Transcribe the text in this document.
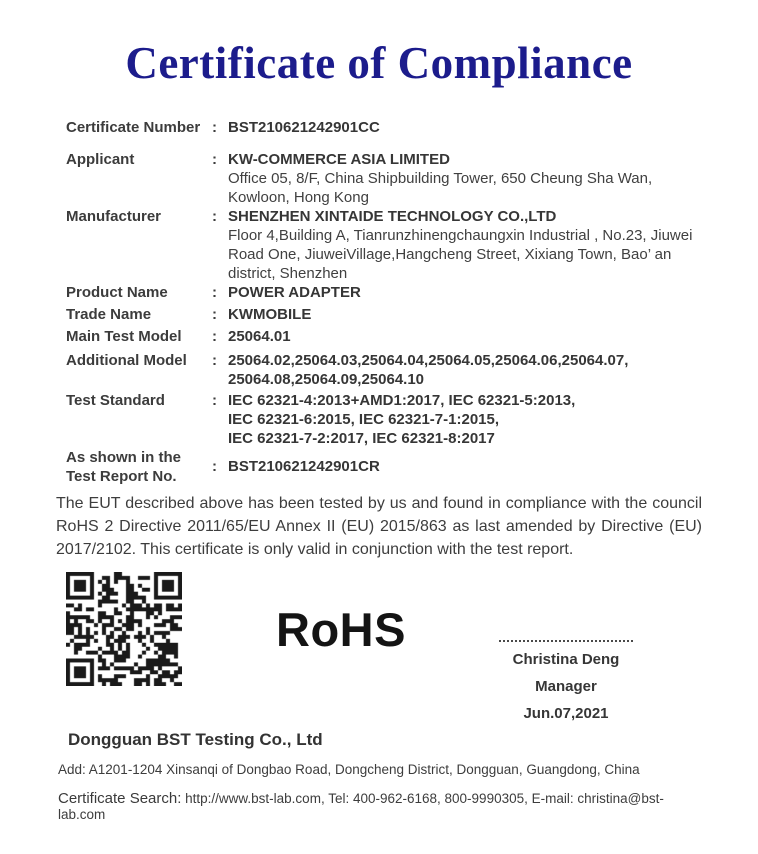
Certificate of Compliance
Certificate Number : BST210621242901CC
Applicant	: KW-COMMERCE ASIA LIMITED
Office 05, 8/F, China Shipbuilding Tower, 650 Cheung Sha Wan,
Kowloon, Hong Kong
Manufacturer	: SHENZHEN XINTAIDE TECHNOLOGY CO.,LTD
Floor 4,Building A, Tianrunzhinengchaungxin Industrial , No.23, Jiuwei
Road One, JiuweiVillage,Hangcheng Street, Xixiang Town, Bao’ an
district, Shenzhen
Product Name	: POWER ADAPTER
Trade Name	: KWMOBILE
Main Test Model	: 25064.01
Additional Model	: 25064.02,25064.03,25064.04,25064.05,25064.06,25064.07,
25064.08,25064.09,25064.10
Test Standard	: IEC 62321-4:2013+AMD1:2017, IEC 62321-5:2013,
IEC 62321-6:2015, IEC 62321-7-1:2015,
IEC 62321-7-2:2017, IEC 62321-8:2017
As shown in the
Test Report No.
: BST210621242901CR

The EUT described above has been tested by us and found in compliance with the council RoHS 2 Directive 2011/65/EU Annex II (EU) 2015/863 as last amended by Directive (EU) 2017/2102. This certificate is only valid in conjunction with the test report.

RoHS
Christina Deng
Manager
Jun.07,2021
Dongguan BST Testing Co., Ltd
Add: A1201-1204 Xinsanqi of Dongbao Road, Dongcheng District, Dongguan, Guangdong, China
Certificate Search: http://www.bst-lab.com, Tel: 400-962-6168, 800-9990305, E-mail: christina@bst-lab.com
